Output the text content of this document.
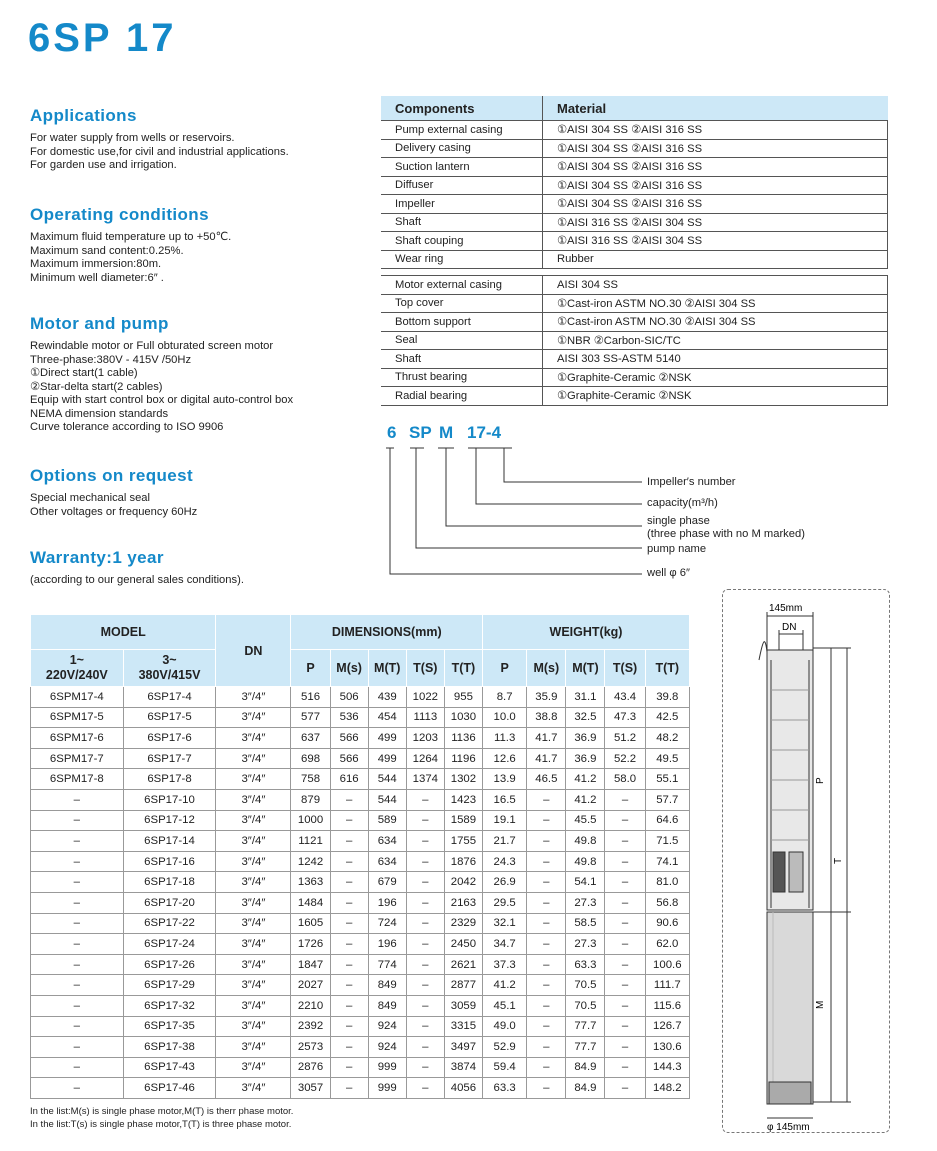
6SP 17
Applications
For water supply from wells or reservoirs.
For domestic use,for civil and industrial applications.
For garden use and irrigation.
Operating conditions
Maximum fluid temperature up to +50℃.
Maximum sand content:0.25%.
Maximum immersion:80m.
Minimum well diameter:6″ .
Motor and pump
Rewindable motor or Full obturated screen motor
Three-phase:380V - 415V /50Hz
①Direct start(1 cable)
②Star-delta start(2 cables)
Equip with start control box or digital auto-control box
NEMA dimension standards
Curve tolerance according to ISO 9906
Options on request
Special mechanical seal
Other voltages or frequency 60Hz
Warranty:1 year
(according to our general sales conditions).
Components	Material
Pump external casing	①AISI 304 SS ②AISI 316 SS
Delivery casing	①AISI 304 SS ②AISI 316 SS
Suction lantern	①AISI 304 SS ②AISI 316 SS
Diffuser	①AISI 304 SS ②AISI 316 SS
Impeller	①AISI 304 SS ②AISI 316 SS
Shaft	①AISI 316 SS ②AISI 304 SS
Shaft couping	①AISI 316 SS ②AISI 304 SS
Wear ring	Rubber

Motor external casing	AISI 304 SS
Top cover	①Cast-iron ASTM NO.30 ②AISI 304 SS
Bottom support	①Cast-iron ASTM NO.30 ②AISI 304 SS
Seal	①NBR ②Carbon-SIC/TC
Shaft	AISI 303 SS-ASTM 5140
Thrust bearing	①Graphite-Ceramic ②NSK
Radial bearing	①Graphite-Ceramic ②NSK
6 SP M 17-4
Impeller′s number
capacity(m³/h)
single phase
(three phase with no M marked)
pump name
well φ 6″
MODEL		DN	DIMENSIONS(mm)					WEIGHT(kg)				
1~
220V/240V	3~
380V/415V		P	M(s)	M(T)	T(S)	T(T)	P	M(s)	M(T)	T(S)	T(T)
6SPM17-4	6SP17-4	3″/4″	516	506	439	1022	955	8.7	35.9	31.1	43.4	39.8
6SPM17-5	6SP17-5	3″/4″	577	536	454	1113	1030	10.0	38.8	32.5	47.3	42.5
6SPM17-6	6SP17-6	3″/4″	637	566	499	1203	1136	11.3	41.7	36.9	51.2	48.2
6SPM17-7	6SP17-7	3″/4″	698	566	499	1264	1196	12.6	41.7	36.9	52.2	49.5
6SPM17-8	6SP17-8	3″/4″	758	616	544	1374	1302	13.9	46.5	41.2	58.0	55.1
–	6SP17-10	3″/4″	879	–	544	–	1423	16.5	–	41.2	–	57.7
–	6SP17-12	3″/4″	1000	–	589	–	1589	19.1	–	45.5	–	64.6
–	6SP17-14	3″/4″	1121	–	634	–	1755	21.7	–	49.8	–	71.5
–	6SP17-16	3″/4″	1242	–	634	–	1876	24.3	–	49.8	–	74.1
–	6SP17-18	3″/4″	1363	–	679	–	2042	26.9	–	54.1	–	81.0
–	6SP17-20	3″/4″	1484	–	196	–	2163	29.5	–	27.3	–	56.8
–	6SP17-22	3″/4″	1605	–	724	–	2329	32.1	–	58.5	–	90.6
–	6SP17-24	3″/4″	1726	–	196	–	2450	34.7	–	27.3	–	62.0
–	6SP17-26	3″/4″	1847	–	774	–	2621	37.3	–	63.3	–	100.6
–	6SP17-29	3″/4″	2027	–	849	–	2877	41.2	–	70.5	–	111.7
–	6SP17-32	3″/4″	2210	–	849	–	3059	45.1	–	70.5	–	115.6
–	6SP17-35	3″/4″	2392	–	924	–	3315	49.0	–	77.7	–	126.7
–	6SP17-38	3″/4″	2573	–	924	–	3497	52.9	–	77.7	–	130.6
–	6SP17-43	3″/4″	2876	–	999	–	3874	59.4	–	84.9	–	144.3
–	6SP17-46	3″/4″	3057	–	999	–	4056	63.3	–	84.9	–	148.2
In the list:M(s) is single phase motor,M(T) is therr phase motor.
In the list:T(s) is single phase motor,T(T) is three phase motor.
145mm
DN
P
T
M
φ 145mm
